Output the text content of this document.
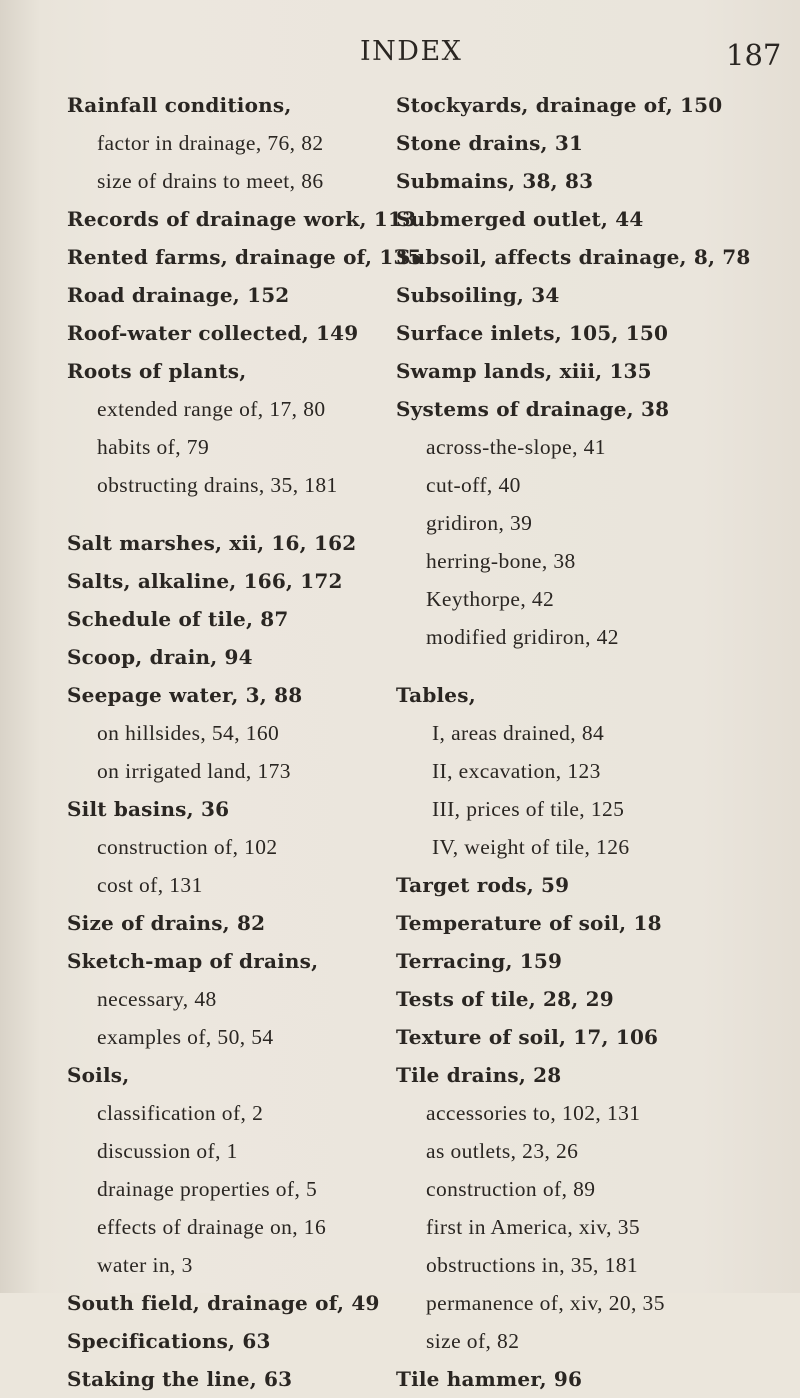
INDEX	187
Rainfall conditions,
factor in drainage, 76, 82
size of drains to meet, 86
Records of drainage work, 113
Rented farms, drainage of, 135
Road drainage, 152
Roof-water collected, 149
Roots of plants,
extended range of, 17, 80
habits of, 79
obstructing drains, 35, 181
Salt marshes, xii, 16, 162
Salts, alkaline, 166, 172
Schedule of tile, 87
Scoop, drain, 94
Seepage water, 3, 88
on hillsides, 54, 160
on irrigated land, 173
Silt basins, 36
construction of, 102
cost of, 131
Size of drains, 82
Sketch-map of drains,
necessary, 48
examples of, 50, 54
Soils,
classification of, 2
discussion of, 1
drainage properties of, 5
effects of drainage on, 16
water in, 3
South field, drainage of, 49
Specifications, 63
Staking the line, 63
Stockyards, drainage of, 150
Stone drains, 31
Submains, 38, 83
Submerged outlet, 44
Subsoil, affects drainage, 8, 78
Subsoiling, 34
Surface inlets, 105, 150
Swamp lands, xiii, 135
Systems of drainage, 38
across-the-slope, 41
cut-off, 40
gridiron, 39
herring-bone, 38
Keythorpe, 42
modified gridiron, 42
Tables,
I, areas drained, 84
II, excavation, 123
III, prices of tile, 125
IV, weight of tile, 126
Target rods, 59
Temperature of soil, 18
Terracing, 159
Tests of tile, 28, 29
Texture of soil, 17, 106
Tile drains, 28
accessories to, 102, 131
as outlets, 23, 26
construction of, 89
first in America, xiv, 35
obstructions in, 35, 181
permanence of, xiv, 20, 35
size of, 82
Tile hammer, 96
